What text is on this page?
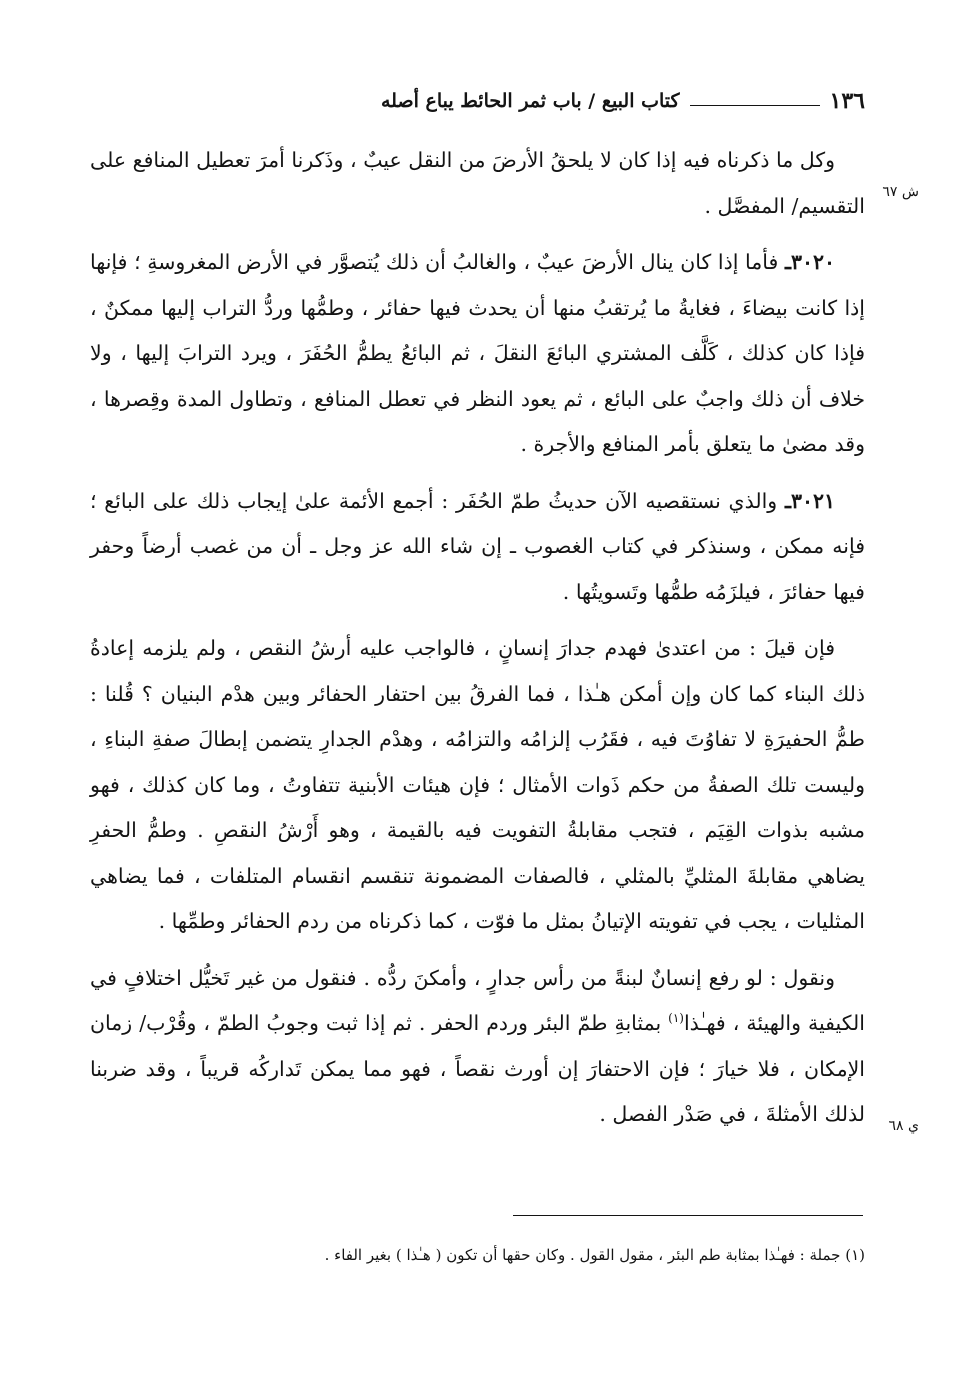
١٣٦
كتاب البيع / باب ثمر الحائط يباع أصله
ش ٦٧
ي ٦٨

وكل ما ذكرناه فيه إذا كان لا يلحقُ الأرضَ من النقل عيبٌ ، وذَكرنا أمرَ تعطيل المنافع على التقسيم/ المفصَّل .

٣٠٢٠ـ فأما إذا كان ينال الأرضَ عيبٌ ، والغالبُ أن ذلك يُتصوَّر في الأرض المغروسةِ ؛ فإنها إذا كانت بيضاءَ ، فغايةُ ما يُرتقبُ منها أن يحدث فيها حفائر ، وطمُّها وردُّ التراب إليها ممكنٌ ، فإذا كان كذلك ، كَلَّف المشتري البائعَ النقلَ ، ثم البائعُ يطمُّ الحُفَرَ ، ويرد الترابَ إليها ، ولا خلاف أن ذلك واجبٌ على البائع ، ثم يعود النظر في تعطل المنافع ، وتطاول المدة وقِصرها ، وقد مضىٰ ما يتعلق بأمر المنافع والأجرة .

٣٠٢١ـ والذي نستقصيه الآن حديثُ طمّ الحُفَر : أجمع الأئمة علىٰ إيجاب ذلك على البائع ؛ فإنه ممكن ، وسنذكر في كتاب الغصوب ـ إن شاء الله عز وجل ـ أن من غصب أرضاً وحفر فيها حفائرَ ، فيلزَمُه طمُّها وتَسويتُها .

فإن قيلَ : من اعتدىٰ فهدم جدارَ إنسانٍ ، فالواجب عليه أرشُ النقص ، ولم يلزمه إعادةُ ذلك البناء كما كان وإن أمكن هـٰذا ، فما الفرقُ بين احتفار الحفائر وبين هدْم البنيان ؟ قُلنا : طمُّ الحفيرَةِ لا تفاوُتَ فيه ، فقَرُب إلزامُه والتزامُه ، وهدْم الجدارِ يتضمن إبطالَ صفةِ البناءِ ، وليست تلك الصفةُ من حكم ذَوات الأمثال ؛ فإن هيئات الأبنية تتفاوتُ ، وما كان كذلك ، فهو مشبه بذوات القِيَم ، فتجب مقابلةُ التفويت فيه بالقيمة ، وهو أَرْشُ النقصِ . وطمُّ الحفرِ يضاهي مقابلةَ المثليِّ بالمثلي ، فالصفات المضمونة تنقسم انقسام المتلفات ، فما يضاهي المثليات ، يجب في تفويته الإتيانُ بمثل ما فوّت ، كما ذكرناه من ردم الحفائر وطمِّها .

ونقول : لو رفع إنسانٌ لبنةً من رأس جدارٍ ، وأمكنَ ردُّه . فنقول من غير تَخيُّل اختلافٍ في الكيفية والهيئة ، فهـٰذا$^{(١)}$ بمثابةِ طمّ البئر وردم الحفر . ثم إذا ثبت وجوبُ الطمّ ، وقُرْب/ زمان الإمكان ، فلا خيارَ ؛ فإن الاحتفارَ إن أورث نقصاً ، فهو مما يمكن تَداركُه قريباً ، وقد ضربنا لذلك الأمثلةَ ، في صَدْر الفصل .

(١) جملة : فهـٰذا بمثابة طم البئر ، مقول القول . وكان حقها أن تكون ( هـٰذا ) بغير الفاء .
